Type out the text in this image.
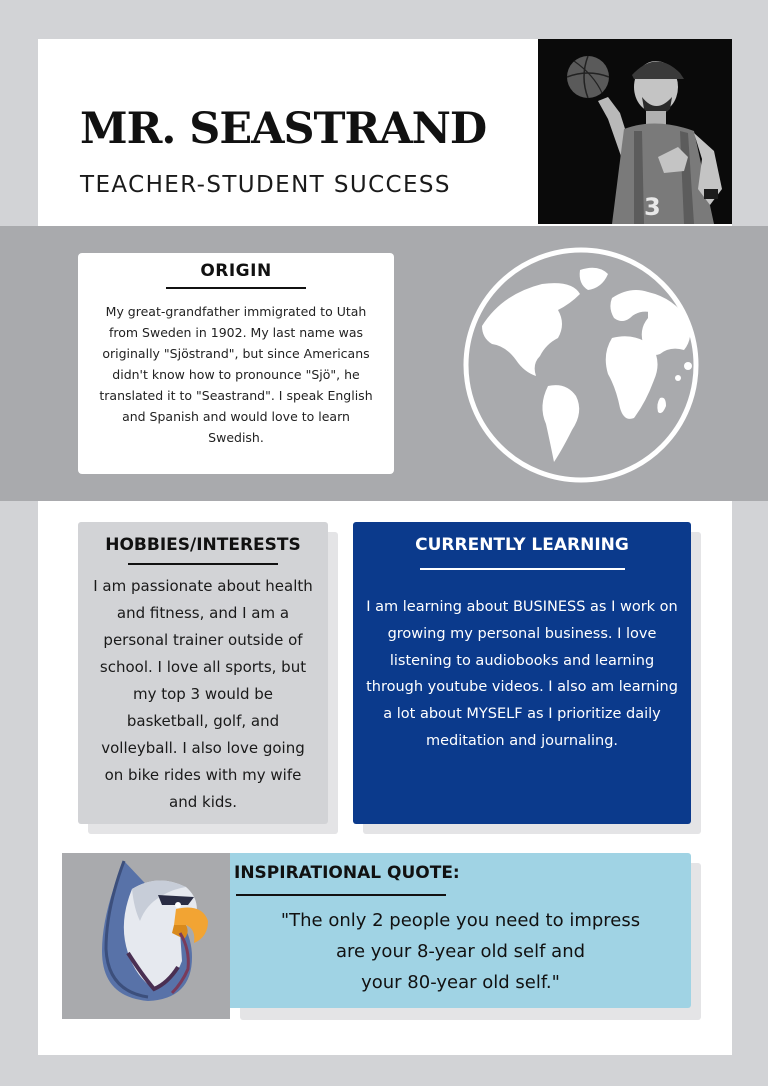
MR. SEASTRAND
TEACHER-STUDENT SUCCESS
3
ORIGIN

My great-grandfather immigrated to Utah from Sweden in 1902. My last name was originally "Sjöstrand", but since Americans didn't know how to pronounce "Sjö", he translated it to "Seastrand". I speak English and Spanish and would love to learn Swedish.

HOBBIES/INTERESTS

I am passionate about health and fitness, and I am a personal trainer outside of school. I love all sports, but my top 3 would be basketball, golf, and volleyball. I also love going on bike rides with my wife and kids.

CURRENTLY LEARNING

I am learning about BUSINESS as I work on growing my personal business. I love listening to audiobooks and learning through youtube videos. I also am learning a lot about MYSELF as I prioritize daily meditation and journaling.

INSPIRATIONAL QUOTE:

"The only 2 people you need to impress
are your 8-year old self and
your 80-year old self."
